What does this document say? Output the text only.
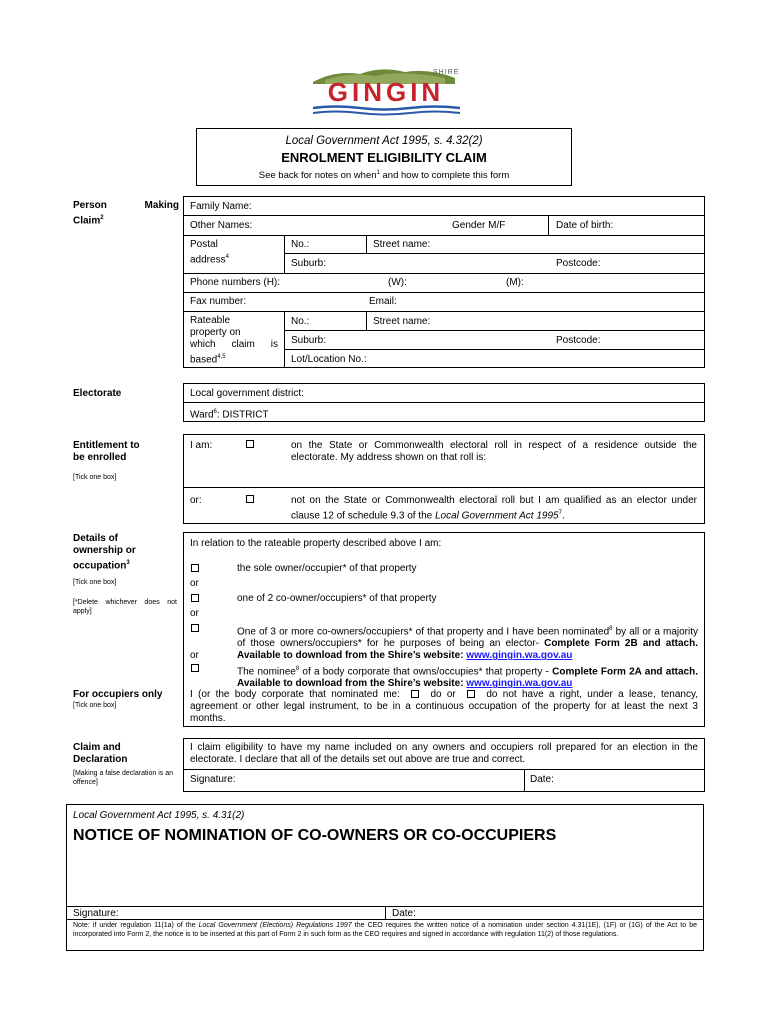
SHIRE
GINGIN
Local Government Act 1995, s. 4.32(2)
ENROLMENT ELIGIBILITY CLAIM
See back for notes on when$^1$ and how to complete this form
Person	Making

Claim$^2$
Family Name:
Other Names:	Gender M/F	Date of birth:
Postal
address$^4$
No.:	Street name:
Suburb:	Postcode:
Phone numbers (H):	(W):	(M):
Fax number:	Email:
Rateable
property on
which claim is
based$^{4,5}$
No.:	Street name:
Suburb:	Postcode:
Lot/Location No.:
Electorate	Local government district:
Ward$^6$: DISTRICT
Entitlement to
be enrolled
[Tick one box]
I am:	on the State or Commonwealth electoral roll in respect of a residence outside the electorate. My address shown on that roll is:
or:	not on the State or Commonwealth electoral roll but I am qualified as an elector under clause 12 of schedule 9.3 of the Local Government Act 1995$^7$.
Details of
ownership or
occupation$^3$
[Tick one box]
[*Delete whichever does not apply]
In relation to the rateable property described above I am:
the sole owner/occupier* of that property
or
one of 2 co-owner/occupiers* of that property
or
One of 3 or more co-owners/occupiers* of that property and I have been nominated$^8$ by all or a majority of those owners/occupiers* for he purposes of being an elector- Complete Form 2B and attach. Available to download from the Shire’s website: www.gingin.wa.gov.au
or
The nominee$^8$ of a body corporate that owns/occupies* that property - Complete Form 2A and attach. Available to download from the Shire’s website: www.gingin.wa.gov.au
For occupiers only
[Tick one box]
I (or the body corporate that nominated me:	do or	do not have a right, under a lease, tenancy, agreement or other legal instrument, to be in a continuous occupation of the property for at least the next 3 months.
Claim and
Declaration
[Making a false declaration is an offence]
I claim eligibility to have my name included on any owners and occupiers roll prepared for an election in the electorate. I declare that all of the details set out above are true and correct.
Signature:	Date:
Local Government Act 1995, s. 4.31(2)
NOTICE OF NOMINATION OF CO-OWNERS OR CO-OCCUPIERS
Signature:	Date:
Note: if under regulation 11(1a) of the Local Government (Elections) Regulations 1997 the CEO requires the written notice of a nomination under section 4.31(1E), (1F) or (1G) of the Act to be incorporated into Form 2, the notice is to be inserted at this part of Form 2 in such form as the CEO requires and signed in accordance with regulation 11(2) of those regulations.
